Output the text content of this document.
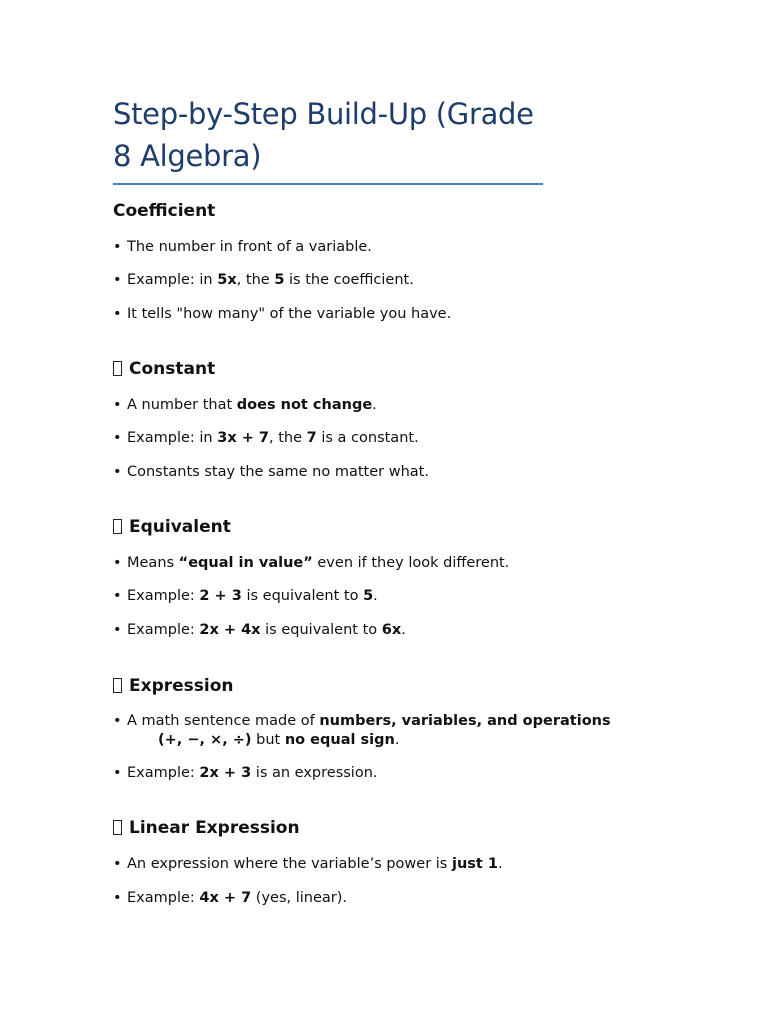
Step-by-Step Build-Up (Grade 8 Algebra)
Coefficient

• The number in front of a variable.

• Example: in 5x, the 5 is the coefficient.

• It tells "how many" of the variable you have.

Constant

• A number that does not change.

• Example: in 3x + 7, the 7 is a constant.

• Constants stay the same no matter what.

Equivalent

• Means “equal in value” even if they look different.

• Example: 2 + 3 is equivalent to 5.

• Example: 2x + 4x is equivalent to 6x.

Expression

• A math sentence made of numbers, variables, and operations
(+, −, ×, ÷) but no equal sign.

• Example: 2x + 3 is an expression.

Linear Expression

• An expression where the variable’s power is just 1.

• Example: 4x + 7 (yes, linear).
